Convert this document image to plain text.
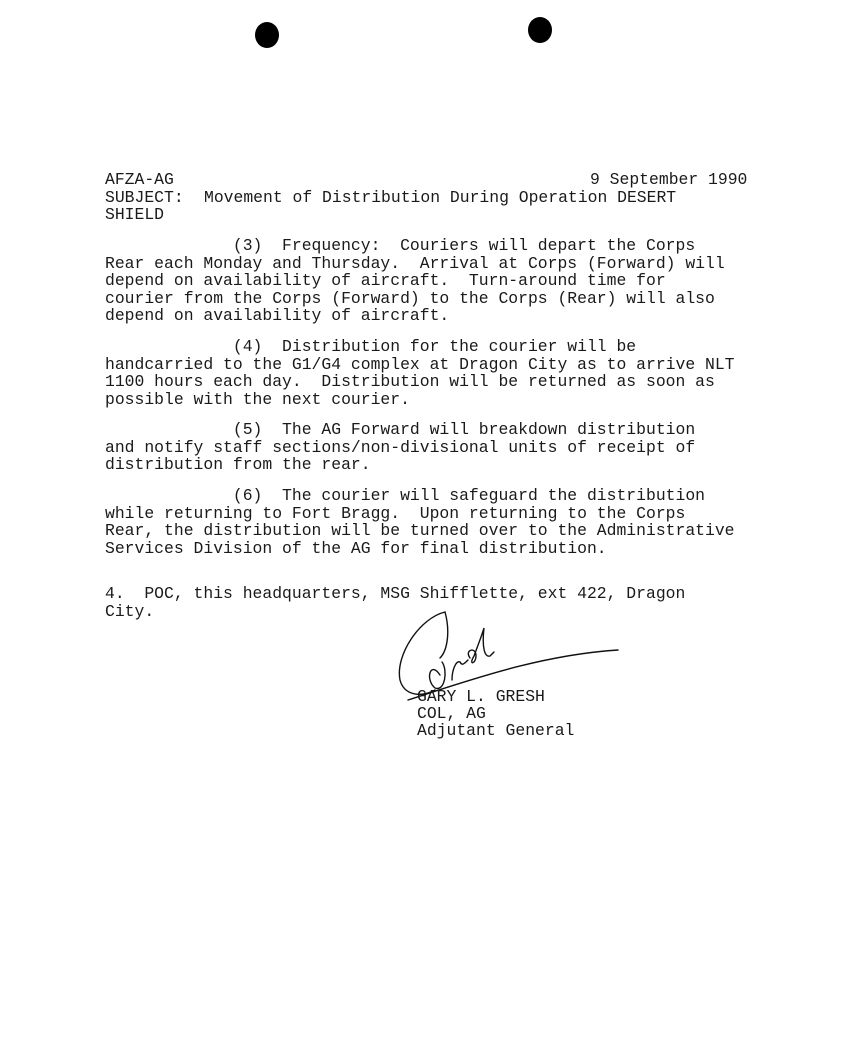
AFZA-AG	9 September 1990
SUBJECT: Movement of Distribution During Operation DESERT
SHIELD
(3)  Frequency:  Couriers will depart the Corps
Rear each Monday and Thursday.  Arrival at Corps (Forward) will
depend on availability of aircraft.  Turn-around time for
courier from the Corps (Forward) to the Corps (Rear) will also
depend on availability of aircraft.
(4)  Distribution for the courier will be
handcarried to the G1/G4 complex at Dragon City as to arrive NLT
1100 hours each day.  Distribution will be returned as soon as
possible with the next courier.
(5)  The AG Forward will breakdown distribution
and notify staff sections/non-divisional units of receipt of
distribution from the rear.
(6)  The courier will safeguard the distribution
while returning to Fort Bragg.  Upon returning to the Corps
Rear, the distribution will be turned over to the Administrative
Services Division of the AG for final distribution.
4.  POC, this headquarters, MSG Shifflette, ext 422, Dragon
City.
GARY L. GRESH
COL, AG
Adjutant General
